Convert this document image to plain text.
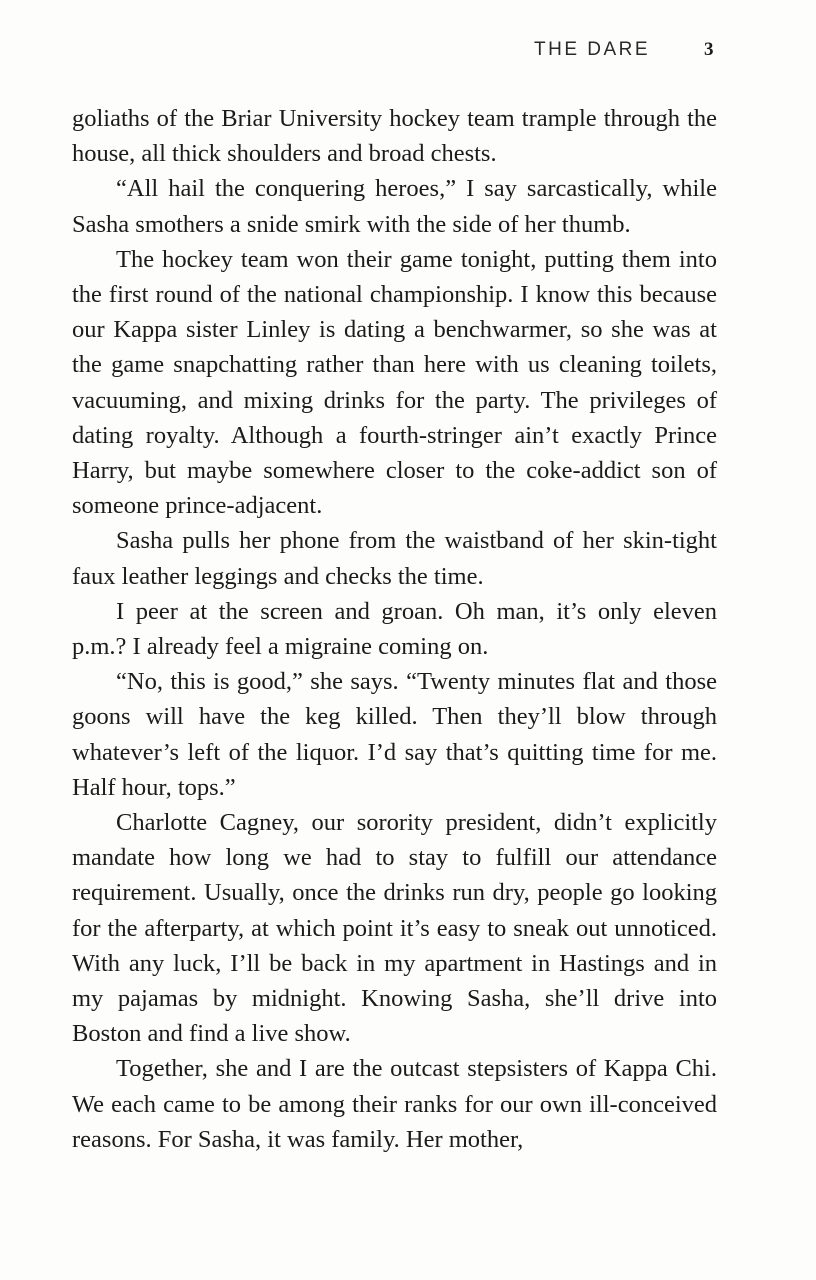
THE DARE	3

goliaths of the Briar University hockey team trample through the house, all thick shoulders and broad chests.

“All hail the conquering heroes,” I say sarcastically, while Sasha smothers a snide smirk with the side of her thumb.

The hockey team won their game tonight, putting them into the first round of the national championship. I know this because our Kappa sister Linley is dating a benchwarmer, so she was at the game snapchatting rather than here with us cleaning toilets, vacuuming, and mixing drinks for the party. The privileges of dating royalty. Although a fourth-stringer ain’t exactly Prince Harry, but maybe somewhere closer to the coke-addict son of someone prince-adjacent.

Sasha pulls her phone from the waistband of her skin-tight faux leather leggings and checks the time.

I peer at the screen and groan. Oh man, it’s only eleven p.m.? I already feel a migraine coming on.

“No, this is good,” she says. “Twenty minutes flat and those goons will have the keg killed. Then they’ll blow through whatever’s left of the liquor. I’d say that’s quitting time for me. Half hour, tops.”

Charlotte Cagney, our sorority president, didn’t explicitly mandate how long we had to stay to fulfill our attendance requirement. Usually, once the drinks run dry, people go looking for the afterparty, at which point it’s easy to sneak out unnoticed. With any luck, I’ll be back in my apartment in Hastings and in my pajamas by midnight. Knowing Sasha, she’ll drive into Boston and find a live show.

Together, she and I are the outcast stepsisters of Kappa Chi. We each came to be among their ranks for our own ill-conceived reasons. For Sasha, it was family. Her mother,
